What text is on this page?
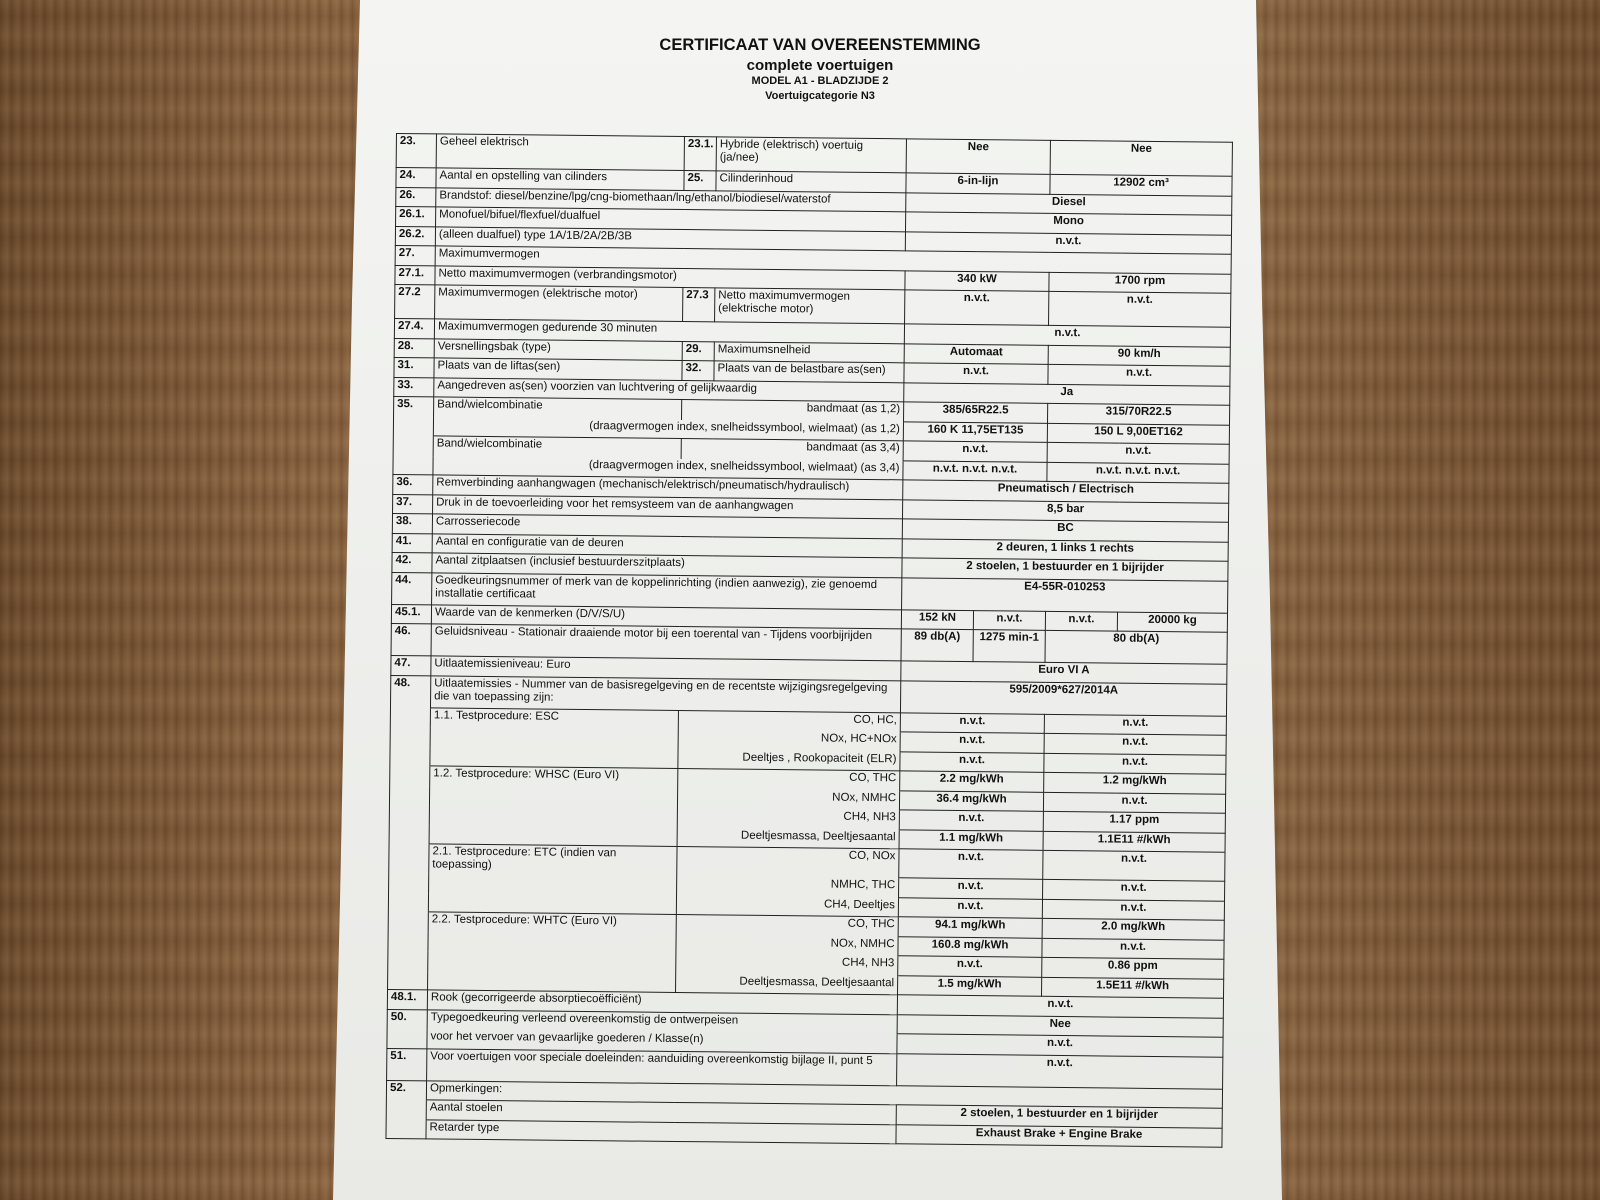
CERTIFICAAT VAN OVEREENSTEMMING
complete voertuigen
MODEL A1 - BLADZIJDE 2
Voertuigcategorie N3
23.	Geheel elektrisch	23.1.	Hybride (elektrisch) voertuig (ja/nee)	Nee		Nee	
24.	Aantal en opstelling van cilinders	25.	Cilinderinhoud	6-in-lijn		12902 cm³	
26.	Brandstof: diesel/benzine/lpg/cng-biomethaan/lng/ethanol/biodiesel/waterstof			Diesel			
26.1.	Monofuel/bifuel/flexfuel/dualfuel			Mono			
26.2.	(alleen dualfuel) type 1A/1B/2A/2B/3B			n.v.t.			
27.	Maximumvermogen						
27.1.	Netto maximumvermogen (verbrandingsmotor)			340 kW		1700 rpm	
27.2	Maximumvermogen (elektrische motor)	27.3	Netto maximumvermogen (elektrische motor)	n.v.t.		n.v.t.	
27.4.	Maximumvermogen gedurende 30 minuten			n.v.t.			
28.	Versnellingsbak (type)	29.	Maximumsnelheid	Automaat		90 km/h	
31.	Plaats van de liftas(sen)	32.	Plaats van de belastbare as(sen)	n.v.t.		n.v.t.	
33.	Aangedreven as(sen) voorzien van luchtvering of gelijkwaardig			Ja			
35.	Band/wielcombinatie	bandmaat (as 1,2)		385/65R22.5		315/70R22.5	
	(draagvermogen index, snelheidssymbool, wielmaat) (as 1,2)			160 K 11,75ET135		150 L 9,00ET162	
	Band/wielcombinatie	bandmaat (as 3,4)		n.v.t.		n.v.t.	
	(draagvermogen index, snelheidssymbool, wielmaat) (as 3,4)			n.v.t. n.v.t. n.v.t.		n.v.t. n.v.t. n.v.t.	
36.	Remverbinding aanhangwagen (mechanisch/elektrisch/pneumatisch/hydraulisch)			Pneumatisch / Electrisch			
37.	Druk in de toevoerleiding voor het remsysteem van de aanhangwagen			8,5 bar			
38.	Carrosseriecode			BC			
41.	Aantal en configuratie van de deuren			2 deuren, 1 links 1 rechts			
42.	Aantal zitplaatsen (inclusief bestuurderszitplaats)			2 stoelen, 1 bestuurder en 1 bijrijder			
44.	Goedkeuringsnummer of merk van de koppelinrichting (indien aanwezig), zie genoemd installatie certificaat			E4-55R-010253			
45.1.	Waarde van de kenmerken (D/V/S/U)			152 kN	n.v.t.	n.v.t.	20000 kg
46.	Geluidsniveau - Stationair draaiende motor bij een toerental van - Tijdens voorbijrijden			89 db(A)	1275 min-1	80 db(A)	
47.	Uitlaatemissieniveau: Euro			Euro VI A			
48.	Uitlaatemissies - Nummer van de basisregelgeving en de recentste wijzigingsregelgeving die van toepassing zijn:			595/2009*627/2014A			
	1.1. Testprocedure: ESC	CO, HC,		n.v.t.		n.v.t.	
		NOx, HC+NOx		n.v.t.		n.v.t.	
		Deeltjes , Rookopaciteit (ELR)		n.v.t.		n.v.t.	
	1.2. Testprocedure: WHSC (Euro VI)	CO, THC		2.2 mg/kWh		1.2 mg/kWh	
		NOx, NMHC		36.4 mg/kWh		n.v.t.	
		CH4, NH3		n.v.t.		1.17 ppm	
		Deeltjesmassa, Deeltjesaantal		1.1 mg/kWh		1.1E11 #/kWh	
	2.1. Testprocedure: ETC (indien van toepassing)	CO, NOx		n.v.t.		n.v.t.	
		NMHC, THC		n.v.t.		n.v.t.	
		CH4, Deeltjes		n.v.t.		n.v.t.	
	2.2. Testprocedure: WHTC (Euro VI)	CO, THC		94.1 mg/kWh		2.0 mg/kWh	
		NOx, NMHC		160.8 mg/kWh		n.v.t.	
		CH4, NH3		n.v.t.		0.86 ppm	
		Deeltjesmassa, Deeltjesaantal		1.5 mg/kWh		1.5E11 #/kWh	
48.1.	Rook (gecorrigeerde absorptiecoëfficiënt)			n.v.t.			
50.	Typegoedkeuring verleend overeenkomstig de ontwerpeisen			Nee			
	voor het vervoer van gevaarlijke goederen / Klasse(n)			n.v.t.			
51.	Voor voertuigen voor speciale doeleinden: aanduiding overeenkomstig bijlage II, punt 5			n.v.t.			
52.	Opmerkingen:						
	Aantal stoelen			2 stoelen, 1 bestuurder en 1 bijrijder			
	Retarder type			Exhaust Brake + Engine Brake			
